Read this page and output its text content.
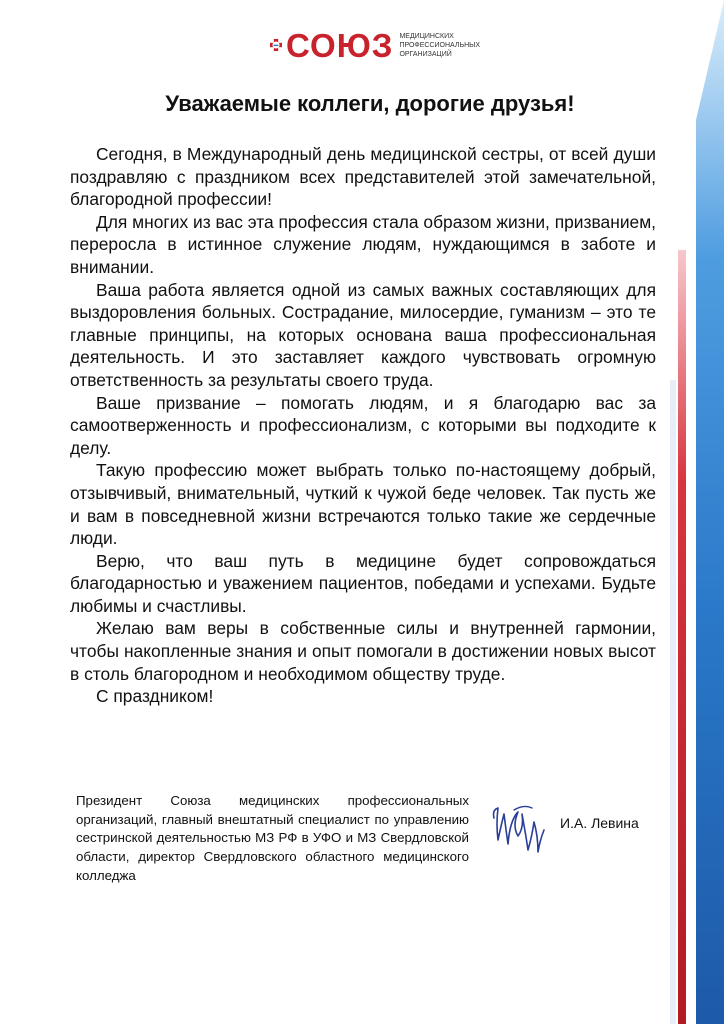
СОЮЗ МЕДИЦИНСКИХ
ПРОФЕССИОНАЛЬНЫХ
ОРГАНИЗАЦИЙ
Уважаемые коллеги, дорогие друзья!

Сегодня, в Международный день медицинской сестры, от всей души поздравляю с праздником всех представителей этой замечательной, благородной профессии!

Для многих из вас эта профессия стала образом жизни, призванием, переросла в истинное служение людям, нуждающимся в заботе и внимании.

Ваша работа является одной из самых важных составляющих для выздоровления больных. Сострадание, милосердие, гуманизм – это те главные принципы, на которых основана ваша профессиональная деятельность. И это заставляет каждого чувствовать огромную ответственность за результаты своего труда.

Ваше призвание – помогать людям, и я благодарю вас за самоотверженность и профессионализм, с которыми вы подходите к делу.

Такую профессию может выбрать только по-настоящему добрый, отзывчивый, внимательный, чуткий к чужой беде человек. Так пусть же и вам в повседневной жизни встречаются только такие же сердечные люди.

Верю, что ваш путь в медицине будет сопровождаться благодарностью и уважением пациентов, победами и успехами. Будьте любимы и счастливы.

Желаю вам веры в собственные силы и внутренней гармонии, чтобы накопленные знания и опыт помогали в достижении новых высот в столь благородном и необходимом обществу труде.

С праздником!

Президент Союза медицинских профессиональных организаций, главный внештатный специалист по управлению сестринской деятельностью МЗ РФ в УФО и МЗ Свердловской области, директор Свердловского областного медицинского колледжа
И.А. Левина
